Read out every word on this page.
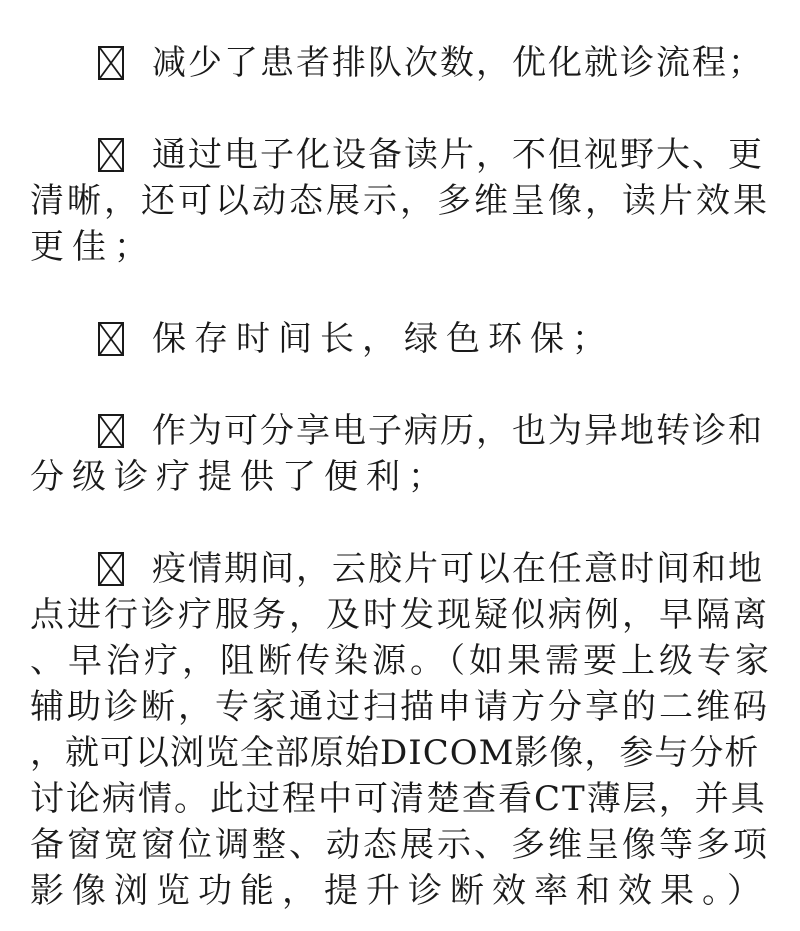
减少了患者排队次数，优化就诊流程；
通过电子化设备读片，不但视野大、更
清晰，还可以动态展示，多维呈像，读片效果
更佳；
保存时间长，绿色环保；
作为可分享电子病历，也为异地转诊和
分级诊疗提供了便利；
疫情期间，云胶片可以在任意时间和地
点进行诊疗服务，及时发现疑似病例，早隔离
、早治疗，阻断传染源。（如果需要上级专家
辅助诊断，专家通过扫描申请方分享的二维码
，就可以浏览全部原始DICOM影像，参与分析
讨论病情。此过程中可清楚查看CT薄层，并具
备窗宽窗位调整、动态展示、多维呈像等多项
影像浏览功能，提升诊断效率和效果。）
